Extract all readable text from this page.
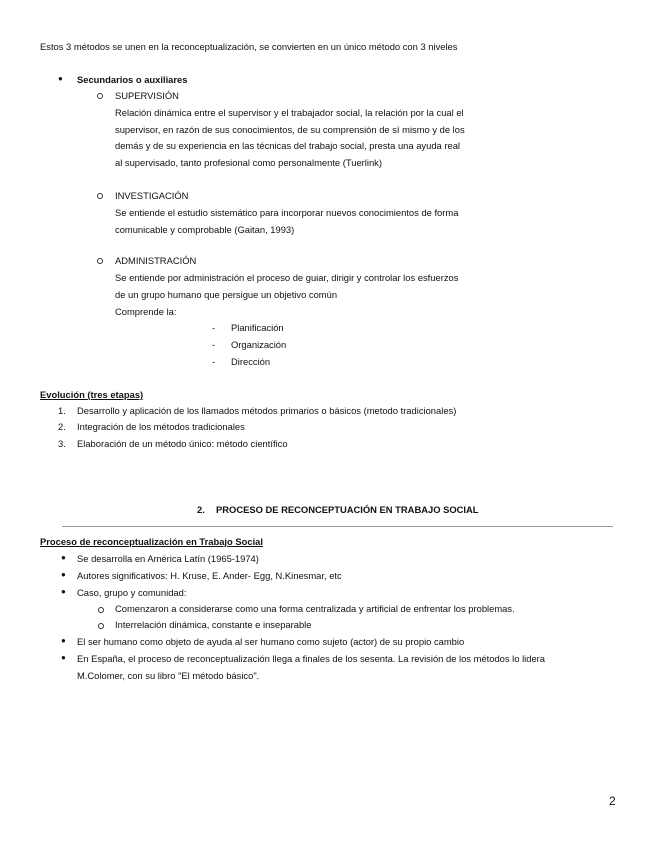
Estos 3 métodos se unen en la reconceptualización, se convierten en un único método con 3 niveles
● Secundarios o auxiliares
SUPERVISIÓN
Relación dinámica entre el supervisor y el trabajador social, la relación por la cual el
supervisor, en razón de sus conocimientos, de su comprensión de sí mismo y de los
demás y de su experiencia en las técnicas del trabajo social, presta una ayuda real
al supervisado, tanto profesional como personalmente (Tuerlink)
INVESTIGACIÓN
Se entiende el estudio sistemático para incorporar nuevos conocimientos de forma
comunicable y comprobable (Gaitan, 1993)
ADMINISTRACIÓN
Se entiende por administración el proceso de guiar, dirigir y controlar los esfuerzos
de un grupo humano que persigue un objetivo común
Comprende la:
- Planificación
- Organización
- Dirección
Evolución (tres etapas)
1. Desarrollo y aplicación de los llamados métodos primarios o básicos (metodo tradicionales)
2. Integración de los métodos tradicionales
3. Elaboración de un método único: método científico
2. PROCESO DE RECONCEPTUACIÓN EN TRABAJO SOCIAL
Proceso de reconceptualización en Trabajo Social
● Se desarrolla en América Latín (1965-1974)
● Autores significativos: H. Kruse, E. Ander- Egg, N.Kinesmar, etc
● Caso, grupo y comunidad:
Comenzaron a considerarse como una forma centralizada y artificial de enfrentar los problemas.
Interrelación dinámica, constante e inseparable
● El ser humano como objeto de ayuda al ser humano como sujeto (actor) de su propio cambio
● En España, el proceso de reconceptualización llega a finales de los sesenta. La revisión de los métodos lo lidera
M.Colomer, con su libro "El método básico".
2
